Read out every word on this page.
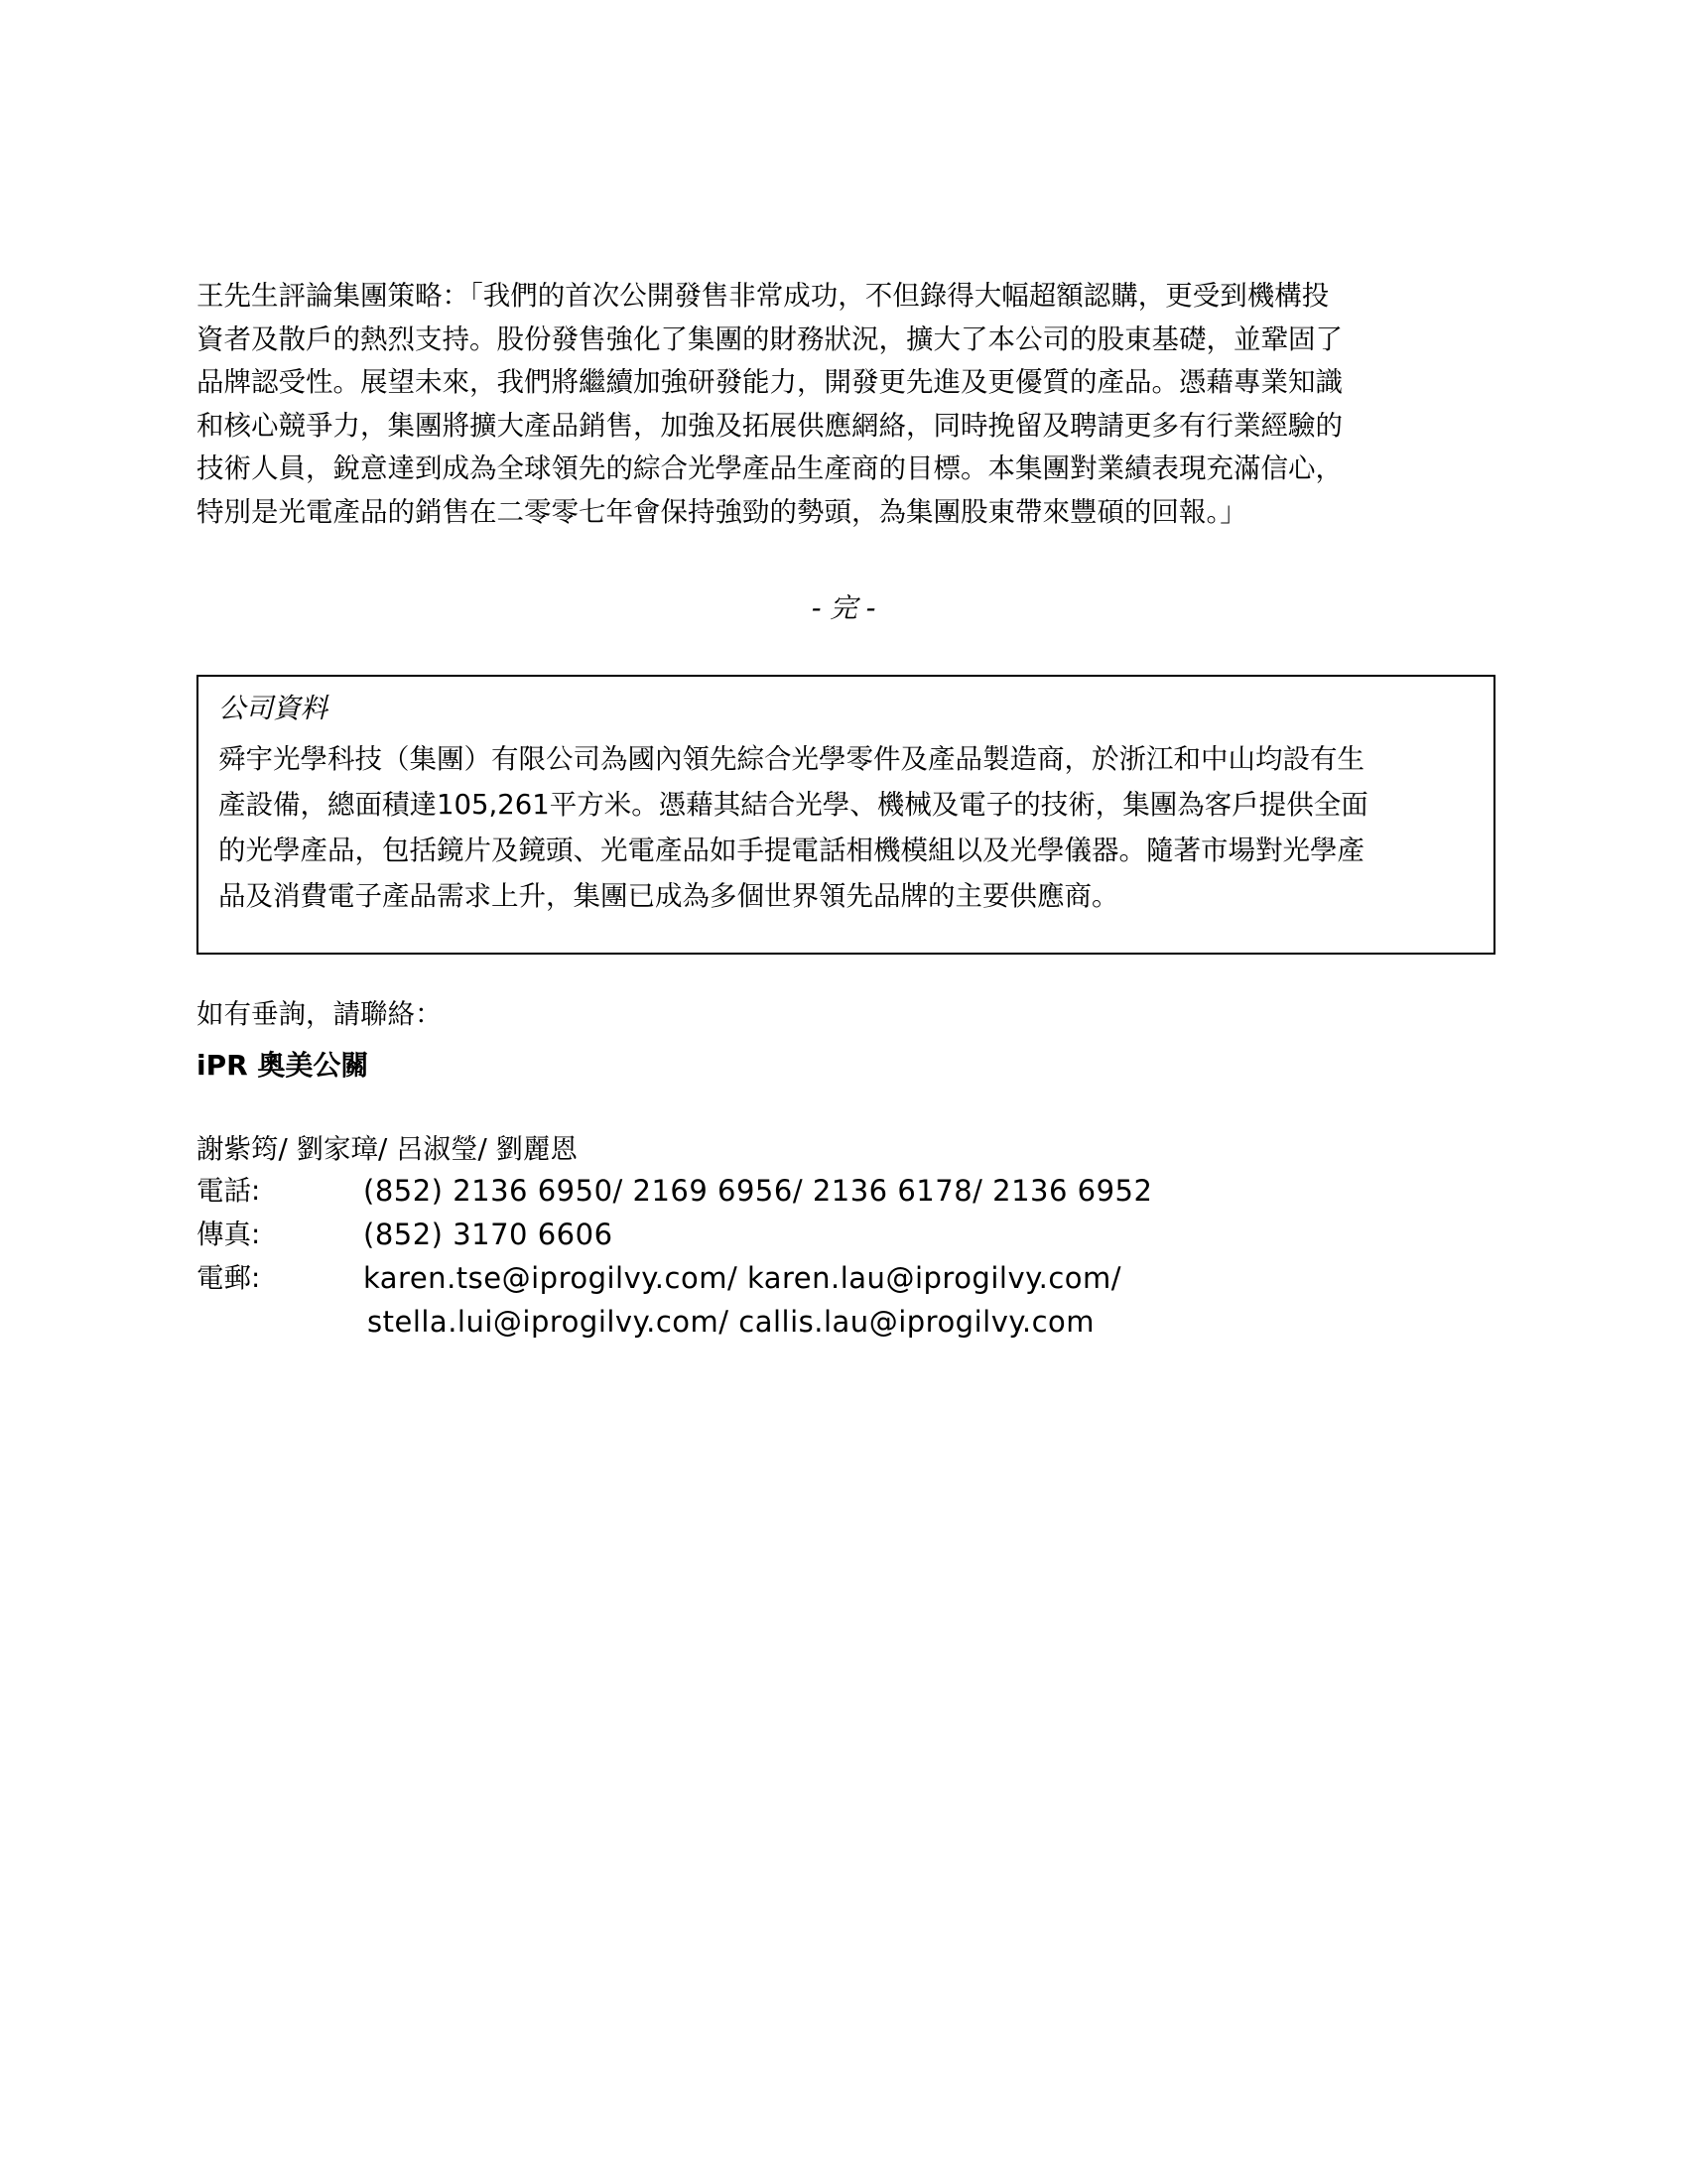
王先生評論集團策略：「我們的首次公開發售非常成功，不但錄得大幅超額認購，更受到機構投
資者及散戶的熱烈支持。股份發售強化了集團的財務狀況，擴大了本公司的股東基礎，並鞏固了
品牌認受性。展望未來，我們將繼續加強研發能力，開發更先進及更優質的產品。憑藉專業知識
和核心競爭力，集團將擴大產品銷售，加強及拓展供應網絡，同時挽留及聘請更多有行業經驗的
技術人員，銳意達到成為全球領先的綜合光學產品生產商的目標。本集團對業績表現充滿信心，
特別是光電產品的銷售在二零零七年會保持強勁的勢頭，為集團股東帶來豐碩的回報。」
- 完 -
公司資料
舜宇光學科技（集團）有限公司為國內領先綜合光學零件及產品製造商，於浙江和中山均設有生
產設備，總面積達105,261平方米。憑藉其結合光學、機械及電子的技術，集團為客戶提供全面
的光學產品，包括鏡片及鏡頭、光電產品如手提電話相機模組以及光學儀器。隨著市場對光學產
品及消費電子產品需求上升，集團已成為多個世界領先品牌的主要供應商。
如有垂詢，請聯絡：
iPR 奧美公關
謝紫筠/ 劉家璋/ 呂淑瑩/ 劉麗恩
電話:	(852) 2136 6950/ 2169 6956/ 2136 6178/ 2136 6952
傳真:	(852) 3170 6606
電郵:	karen.tse@iprogilvy.com/ karen.lau@iprogilvy.com/
stella.lui@iprogilvy.com/ callis.lau@iprogilvy.com
